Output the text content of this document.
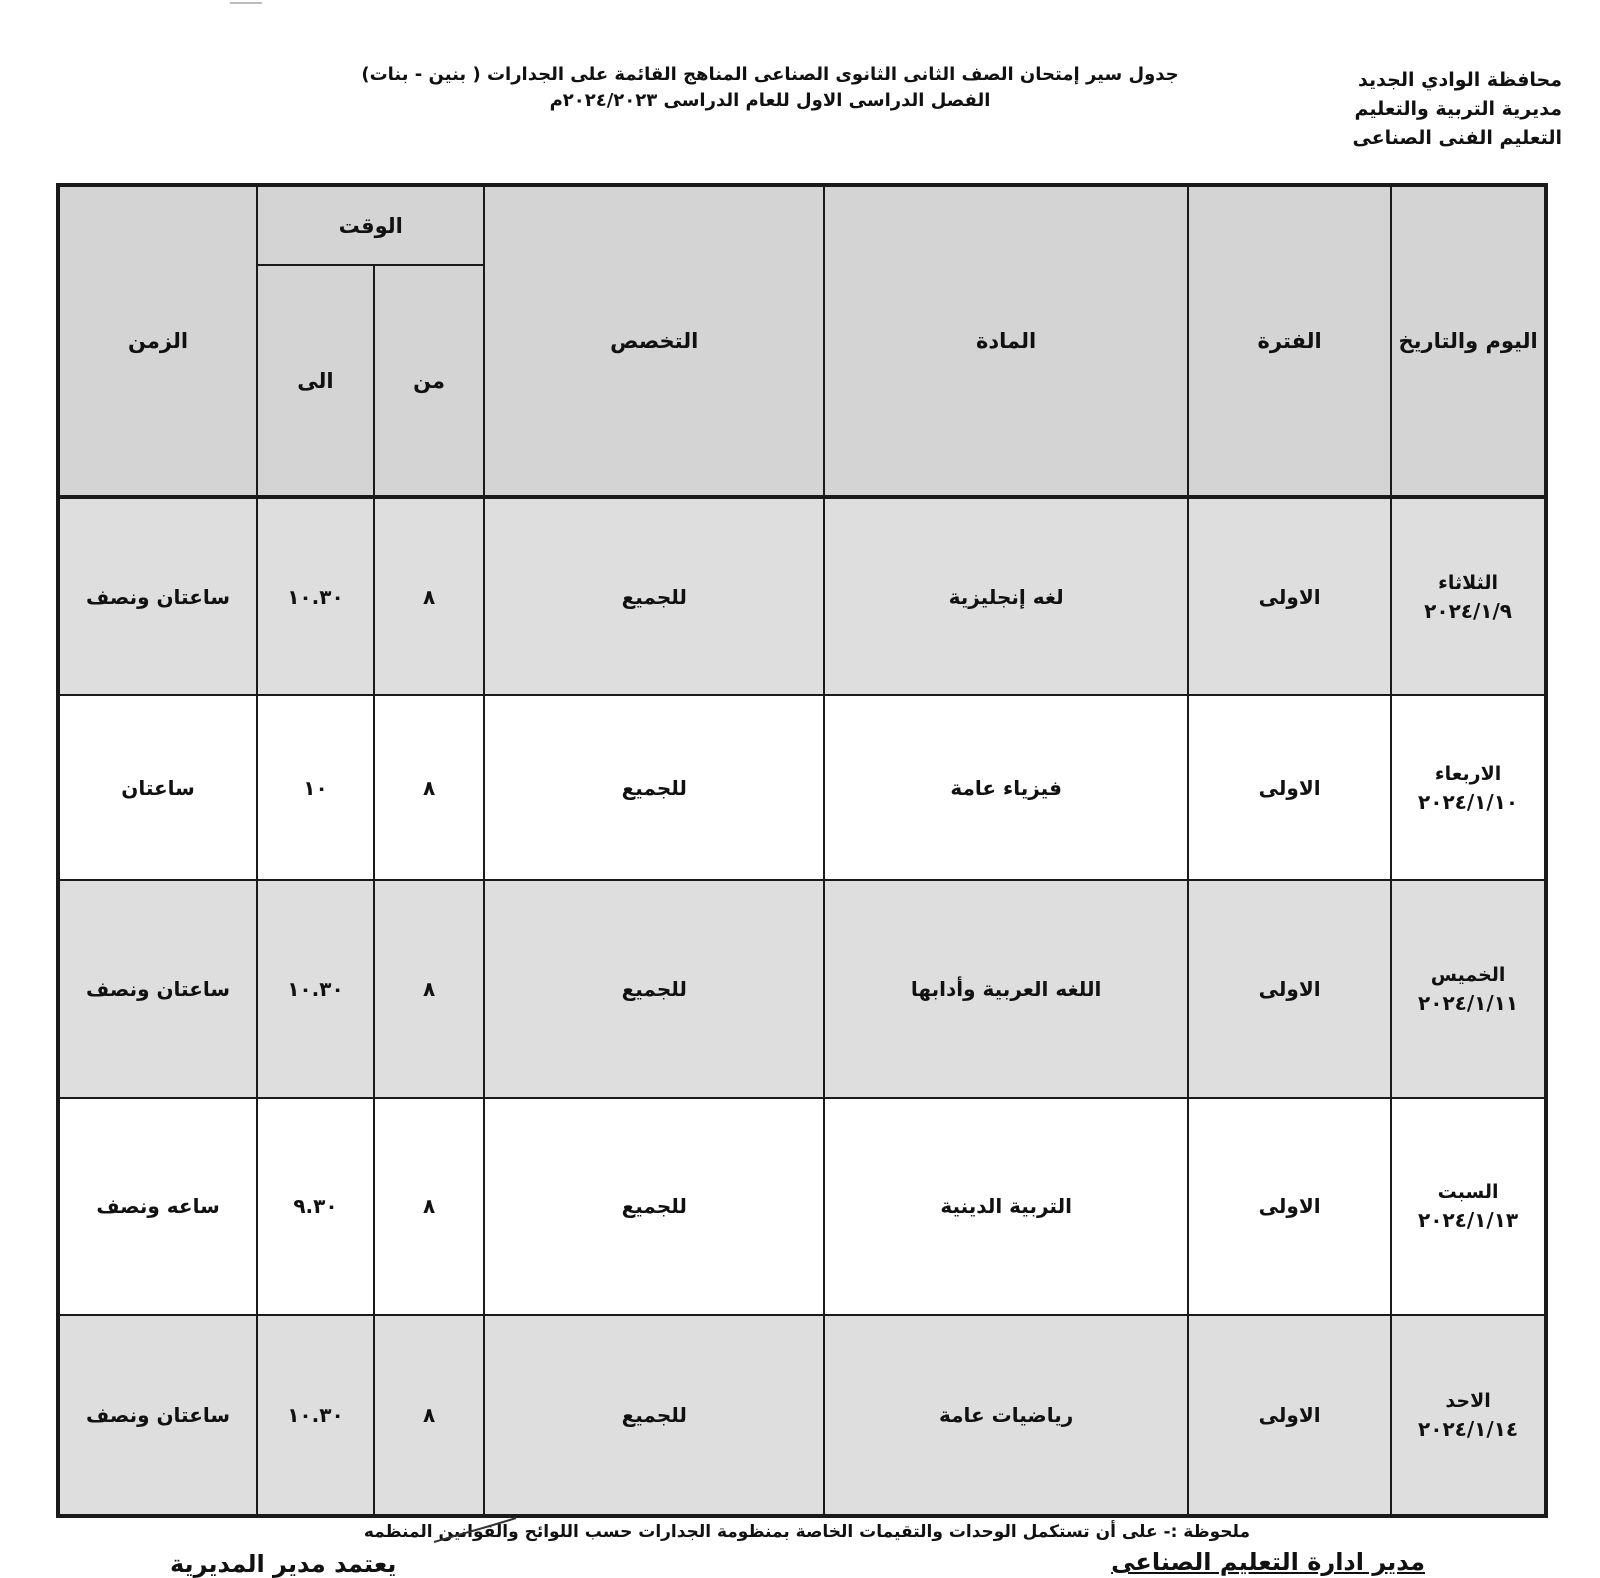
محافظة الوادي الجديد
مديرية التربية والتعليم
التعليم الفنى الصناعى
جدول سير إمتحان الصف الثانى الثانوى الصناعى المناهج القائمة على الجدارات ( بنين - بنات)
الفصل الدراسى الاول للعام الدراسى ٢٠٢٤/٢٠٢٣م
اليوم والتاريخ	الفترة	المادة	التخصص	الوقت		الزمن
				من	الى	

الثلاثاء
٢٠٢٤/١/٩	الاولى	لغه إنجليزية	للجميع	٨	١٠.٣٠	ساعتان ونصف

الاربعاء
٢٠٢٤/١/١٠	الاولى	فيزياء عامة	للجميع	٨	١٠	ساعتان

الخميس
٢٠٢٤/١/١١	الاولى	اللغه العربية وأدابها	للجميع	٨	١٠.٣٠	ساعتان ونصف

السبت
٢٠٢٤/١/١٣	الاولى	التربية الدينية	للجميع	٨	٩.٣٠	ساعه ونصف

الاحد
٢٠٢٤/١/١٤	الاولى	رياضيات عامة	للجميع	٨	١٠.٣٠	ساعتان ونصف
ملحوظة :- على أن تستكمل الوحدات والتقيمات الخاصة بمنظومة الجدارات حسب اللوائح والقوانين المنظمه
مدير ادارة التعليم الصناعى
يعتمد مدير المديرية
